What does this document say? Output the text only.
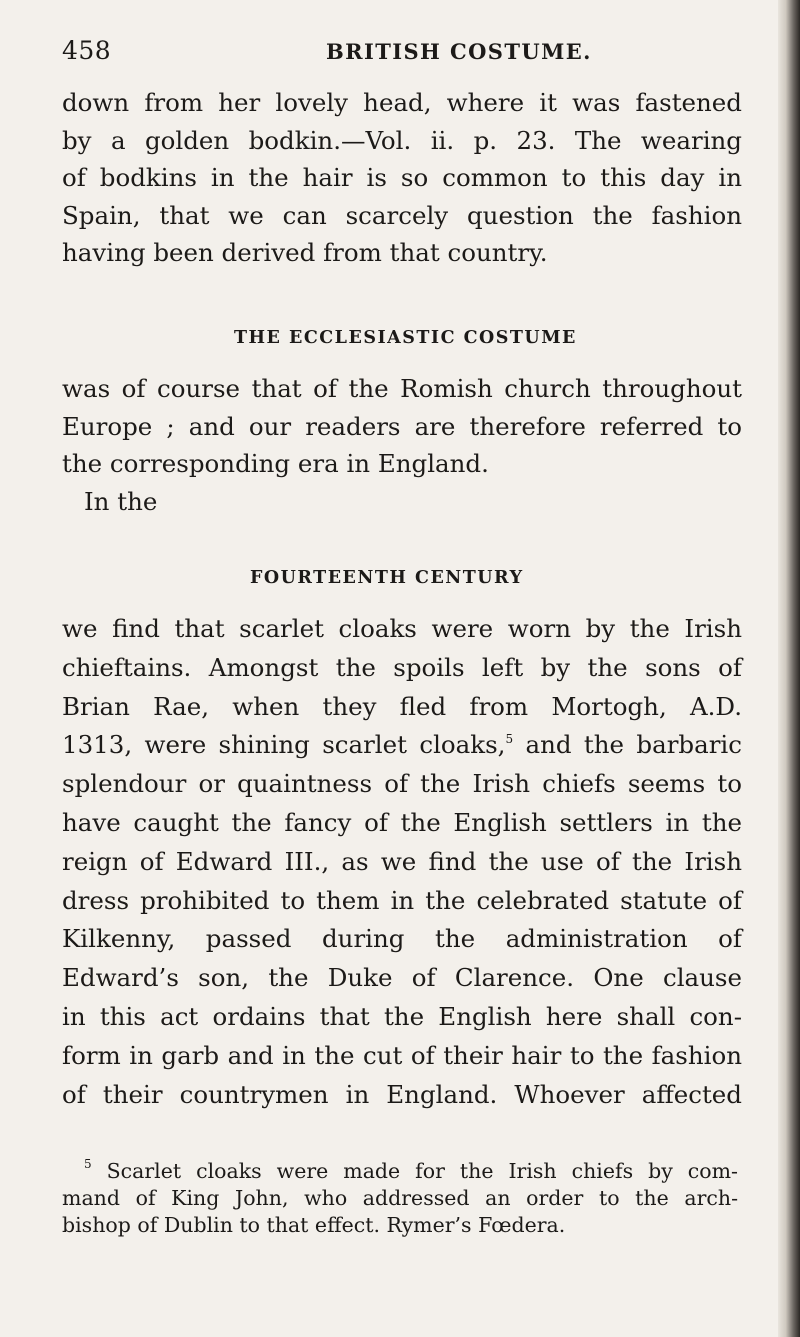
458	BRITISH COSTUME.

down from her lovely head, where it was fastened
by a golden bodkin.—Vol. ii. p. 23. The wearing
of bodkins in the hair is so common to this day in
Spain, that we can scarcely question the fashion
having been derived from that country.

THE ECCLESIASTIC COSTUME

was of course that of the Romish church throughout
Europe ; and our readers are therefore referred to
the corresponding era in England.
In the

FOURTEENTH CENTURY

we find that scarlet cloaks were worn by the Irish
chieftains. Amongst the spoils left by the sons of
Brian Rae, when they fled from Mortogh, A.D.
1313, were shining scarlet cloaks,$^5$ and the barbaric
splendour or quaintness of the Irish chiefs seems to
have caught the fancy of the English settlers in the
reign of Edward III., as we find the use of the Irish
dress prohibited to them in the celebrated statute of
Kilkenny, passed during the administration of
Edward’s son, the Duke of Clarence. One clause
in this act ordains that the English here shall con-
form in garb and in the cut of their hair to the fashion
of their countrymen in England. Whoever affected

$^5$ Scarlet cloaks were made for the Irish chiefs by com-
mand of King John, who addressed an order to the arch-
bishop of Dublin to that effect. Rymer’s Fœdera.
